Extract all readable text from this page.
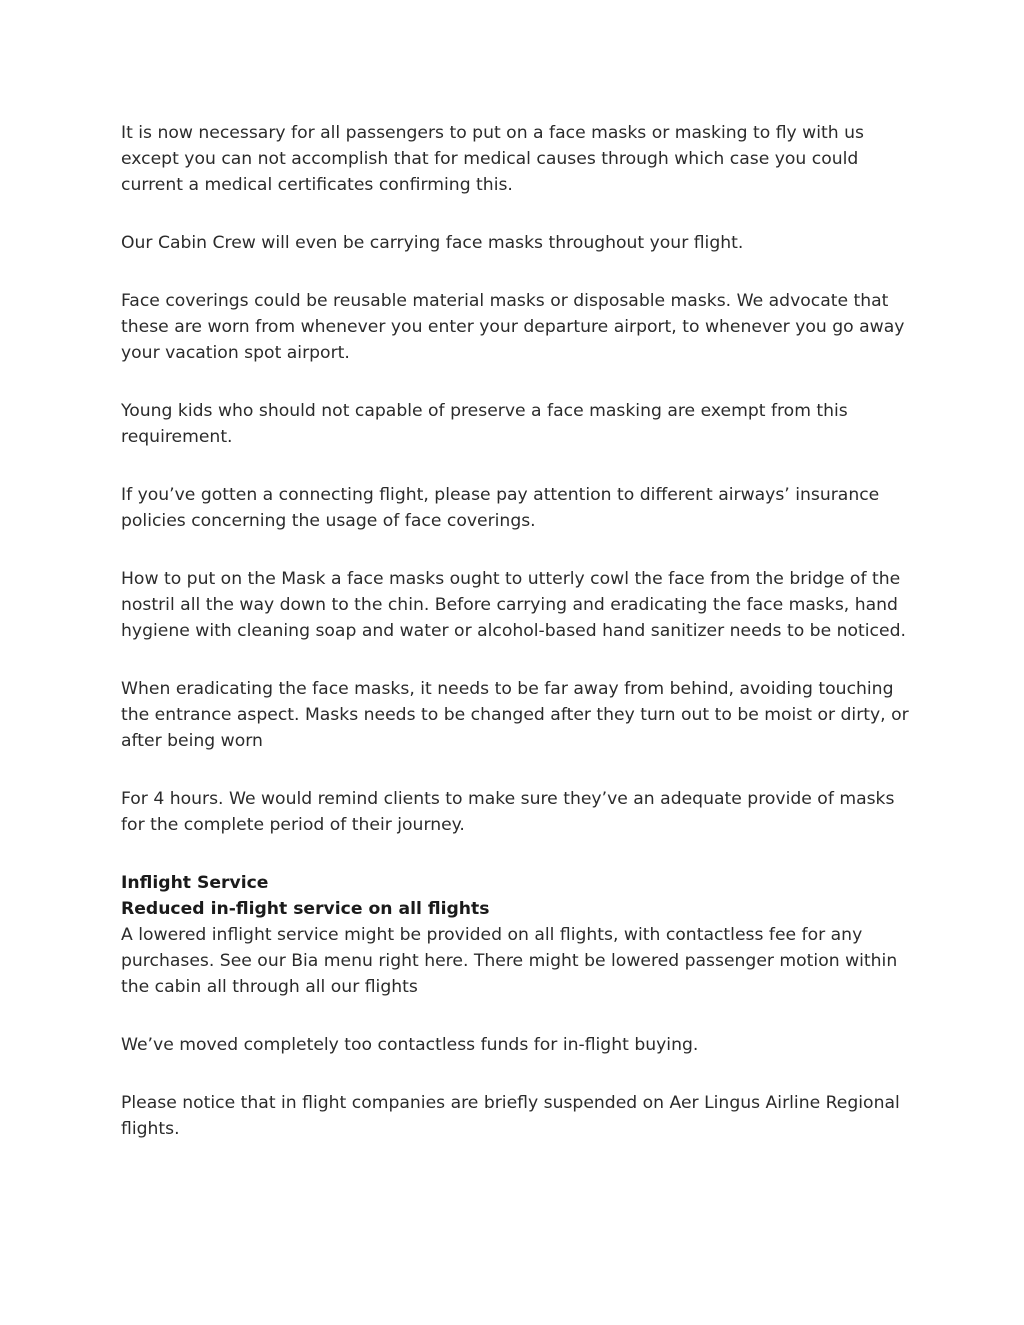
It is now necessary for all passengers to put on a face masks or masking to fly with us except you can not accomplish that for medical causes through which case you could current a medical certificates confirming this.

Our Cabin Crew will even be carrying face masks throughout your flight.

Face coverings could be reusable material masks or disposable masks. We advocate that these are worn from whenever you enter your departure airport, to whenever you go away your vacation spot airport.

Young kids who should not capable of preserve a face masking are exempt from this requirement.

If you’ve gotten a connecting flight, please pay attention to different airways’ insurance policies concerning the usage of face coverings.

How to put on the Mask a face masks ought to utterly cowl the face from the bridge of the nostril all the way down to the chin. Before carrying and eradicating the face masks, hand hygiene with cleaning soap and water or alcohol-based hand sanitizer needs to be noticed.

When eradicating the face masks, it needs to be far away from behind, avoiding touching the entrance aspect. Masks needs to be changed after they turn out to be moist or dirty, or after being worn

For 4 hours. We would remind clients to make sure they’ve an adequate provide of masks for the complete period of their journey.

Inflight Service

Reduced in-flight service on all flights

A lowered inflight service might be provided on all flights, with contactless fee for any purchases. See our Bia menu right here. There might be lowered passenger motion within the cabin all through all our flights

We’ve moved completely too contactless funds for in-flight buying.

Please notice that in flight companies are briefly suspended on Aer Lingus Airline Regional flights.
